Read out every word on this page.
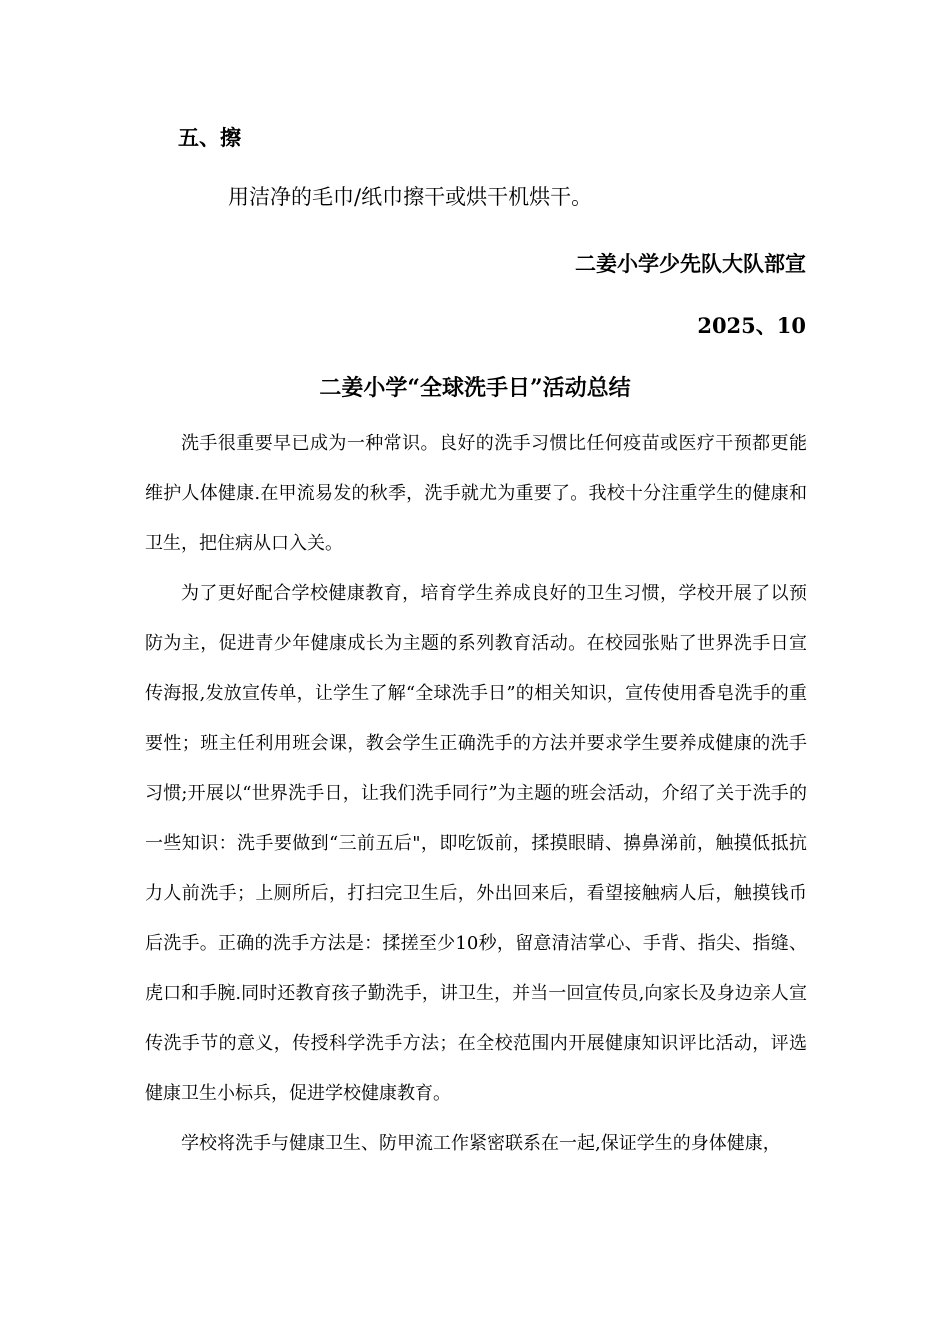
五、擦

用洁净的毛巾/纸巾擦干或烘干机烘干。

二姜小学少先队大队部宣

2025、10

二姜小学“全球洗手日”活动总结

洗手很重要早已成为一种常识。良好的洗手习惯比任何疫苗或医疗干预都更能维护人体健康.在甲流易发的秋季，洗手就尤为重要了。我校十分注重学生的健康和卫生，把住病从口入关。

为了更好配合学校健康教育，培育学生养成良好的卫生习惯，学校开展了以预防为主，促进青少年健康成长为主题的系列教育活动。在校园张贴了世界洗手日宣传海报,发放宣传单，让学生了解“全球洗手日”的相关知识，宣传使用香皂洗手的重要性；班主任利用班会课，教会学生正确洗手的方法并要求学生要养成健康的洗手习惯;开展以“世界洗手日，让我们洗手同行”为主题的班会活动，介绍了关于洗手的一些知识：洗手要做到“三前五后"，即吃饭前，揉摸眼睛、擤鼻涕前，触摸低抵抗力人前洗手；上厕所后，打扫完卫生后，外出回来后，看望接触病人后，触摸钱币后洗手。正确的洗手方法是：揉搓至少10秒，留意清洁掌心、手背、指尖、指缝、虎口和手腕.同时还教育孩子勤洗手，讲卫生，并当一回宣传员,向家长及身边亲人宣传洗手节的意义，传授科学洗手方法；在全校范围内开展健康知识评比活动，评选健康卫生小标兵，促进学校健康教育。

学校将洗手与健康卫生、防甲流工作紧密联系在一起,保证学生的身体健康，
